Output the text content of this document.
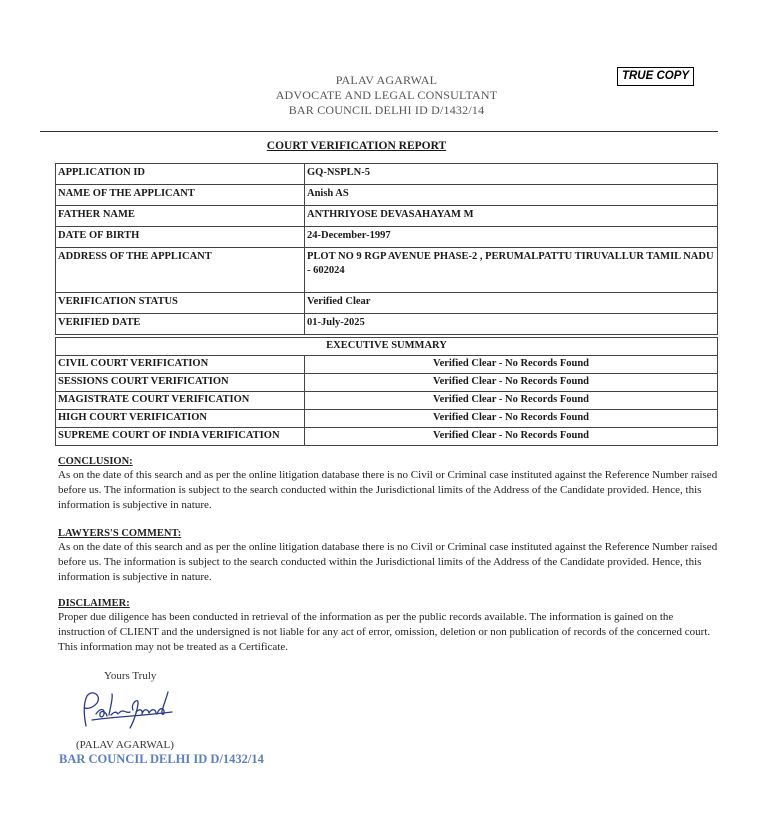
PALAV AGARWAL
ADVOCATE AND LEGAL CONSULTANT
BAR COUNCIL DELHI ID D/1432/14
TRUE COPY
COURT VERIFICATION REPORT
APPLICATION ID	GQ-NSPLN-5
NAME OF THE APPLICANT	Anish AS
FATHER NAME	ANTHRIYOSE DEVASAHAYAM M
DATE OF BIRTH	24-December-1997
ADDRESS OF THE APPLICANT	PLOT NO 9 RGP AVENUE PHASE-2 , PERUMALPATTU TIRUVALLUR TAMIL NADU - 602024
VERIFICATION STATUS	Verified Clear
VERIFIED DATE	01-July-2025
EXECUTIVE SUMMARY	
CIVIL COURT VERIFICATION	Verified Clear - No Records Found
SESSIONS COURT VERIFICATION	Verified Clear - No Records Found
MAGISTRATE COURT VERIFICATION	Verified Clear - No Records Found
HIGH COURT VERIFICATION	Verified Clear - No Records Found
SUPREME COURT OF INDIA VERIFICATION	Verified Clear - No Records Found
CONCLUSION:

As on the date of this search and as per the online litigation database there is no Civil or Criminal case instituted against the Reference Number raised before us. The information is subject to the search conducted within the Jurisdictional limits of the Address of the Candidate provided. Hence, this information is subjective in nature.

LAWYERS'S COMMENT:

As on the date of this search and as per the online litigation database there is no Civil or Criminal case instituted against the Reference Number raised before us. The information is subject to the search conducted within the Jurisdictional limits of the Address of the Candidate provided. Hence, this information is subjective in nature.

DISCLAIMER:

Proper due diligence has been conducted in retrieval of the information as per the public records available. The information is gained on the instruction of CLIENT and the undersigned is not liable for any act of error, omission, deletion or non publication of records of the concerned court. This information may not be treated as a Certificate.

Yours Truly
(PALAV AGARWAL)
BAR COUNCIL DELHI ID D/1432/14
